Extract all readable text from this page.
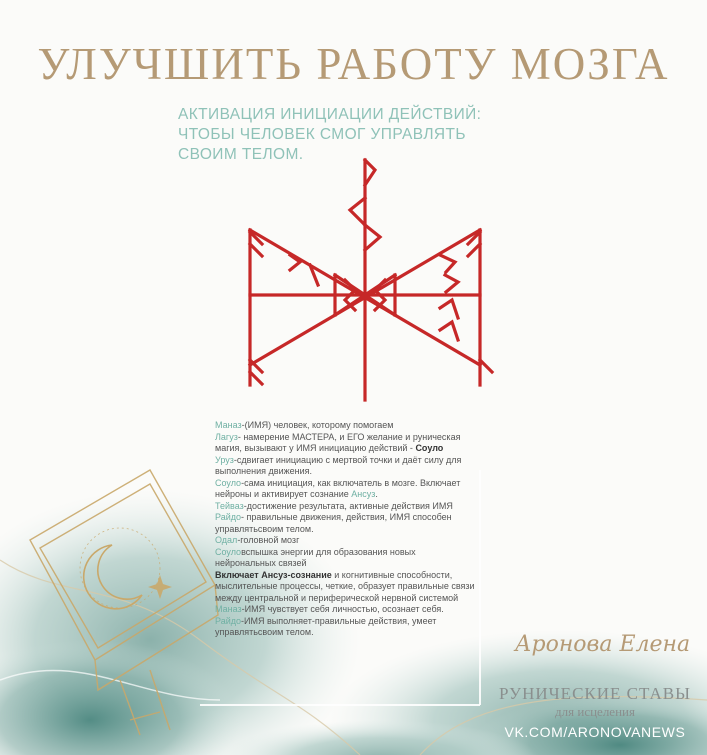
УЛУЧШИТЬ РАБОТУ МОЗГА
АКТИВАЦИЯ ИНИЦИАЦИИ ДЕЙСТВИЙ:
ЧТОБЫ ЧЕЛОВЕК СМОГ УПРАВЛЯТЬ
СВОИМ ТЕЛОМ.
Маназ-(ИМЯ) человек, которому помогаем
Лагуз- намерение МАСТЕРА, и ЕГО желание и руническая
магия, вызывают у ИМЯ инициацию действий - Соуло
Уруз-сдвигает инициацию с мертвой точки и даёт силу для
выполнения движения.
Соуло-сама инициация, как включатель в мозге. Включает
нейроны и активирует сознание Ансуз.
Тейваз-достижение результата, активные действия ИМЯ
Райдо- правильные движения, действия, ИМЯ способен
управлятьсвоим телом.
Одал-головной мозг
Соуловспышка энергии для образования новых
нейрональных связей
Включает Ансуз-сознание и когнитивные способности,
мыслительные процессы, четкие, образует правильные связи
между центральной и периферической нервной системой
Маназ-ИМЯ чувствует себя личностью, осознает себя.
Райдо-ИМЯ выполняет-правильные действия, умеет
управлятьсвоим телом.	Аронова Елена
РУНИЧЕСКИЕ СТАВЫ
для исцеления
VK.COM/ARONOVANEWS
